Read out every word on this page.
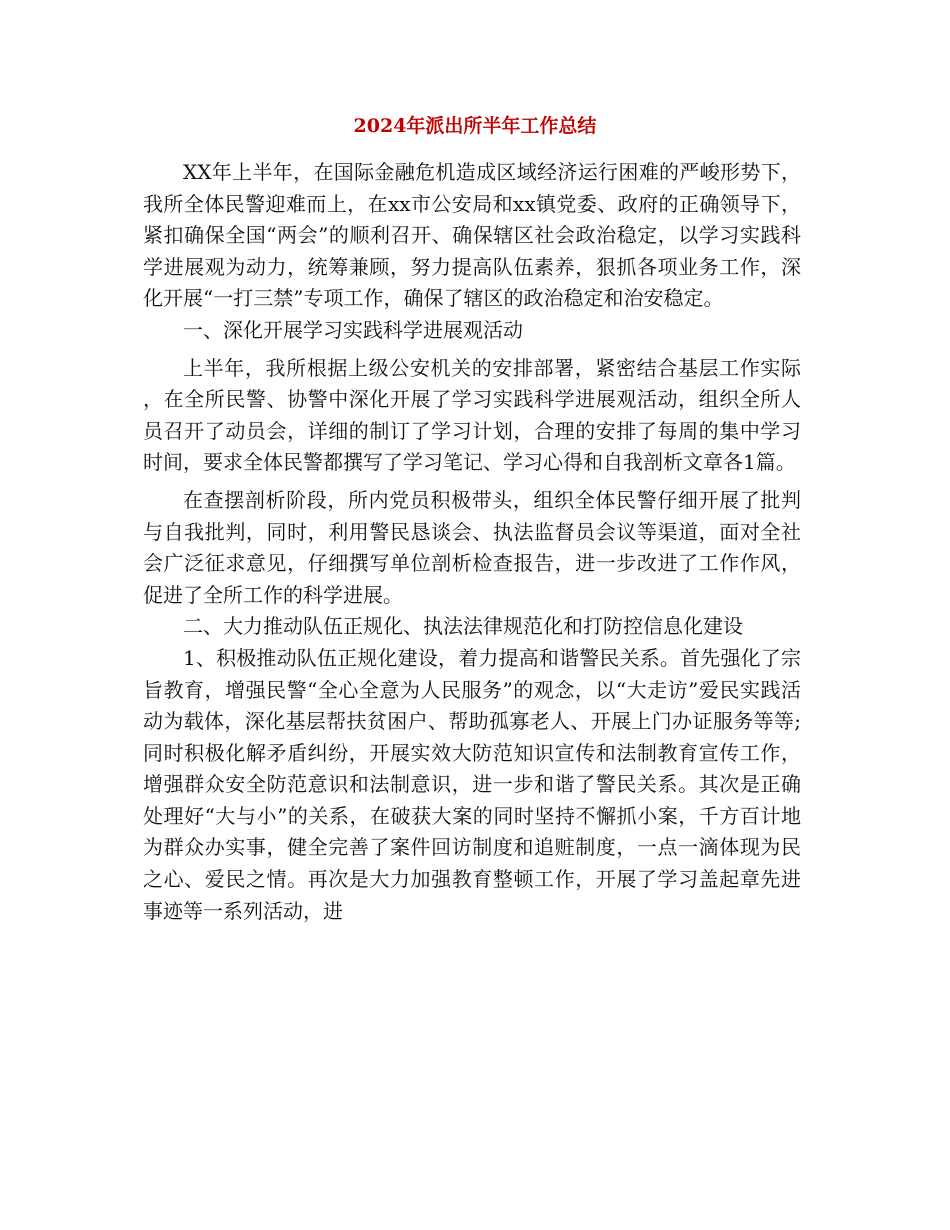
2024年派出所半年工作总结

XX年上半年，在国际金融危机造成区域经济运行困难的严峻形势下，我所全体民警迎难而上，在xx市公安局和xx镇党委、政府的正确领导下，紧扣确保全国“两会”的顺利召开、确保辖区社会政治稳定，以学习实践科学进展观为动力，统筹兼顾，努力提高队伍素养，狠抓各项业务工作，深化开展“一打三禁”专项工作，确保了辖区的政治稳定和治安稳定。

一、深化开展学习实践科学进展观活动

上半年，我所根据上级公安机关的安排部署，紧密结合基层工作实际，在全所民警、协警中深化开展了学习实践科学进展观活动，组织全所人员召开了动员会，详细的制订了学习计划，合理的安排了每周的集中学习时间，要求全体民警都撰写了学习笔记、学习心得和自我剖析文章各1篇。

在查摆剖析阶段，所内党员积极带头，组织全体民警仔细开展了批判与自我批判，同时，利用警民恳谈会、执法监督员会议等渠道，面对全社会广泛征求意见，仔细撰写单位剖析检查报告，进一步改进了工作作风，促进了全所工作的科学进展。

二、大力推动队伍正规化、执法法律规范化和打防控信息化建设

1、积极推动队伍正规化建设，着力提高和谐警民关系。首先强化了宗旨教育，增强民警“全心全意为人民服务”的观念，以“大走访”爱民实践活动为载体，深化基层帮扶贫困户、帮助孤寡老人、开展上门办证服务等等;同时积极化解矛盾纠纷，开展实效大防范知识宣传和法制教育宣传工作，增强群众安全防范意识和法制意识，进一步和谐了警民关系。其次是正确处理好“大与小”的关系，在破获大案的同时坚持不懈抓小案，千方百计地为群众办实事，健全完善了案件回访制度和追赃制度，一点一滴体现为民之心、爱民之情。再次是大力加强教育整顿工作，开展了学习盖起章先进事迹等一系列活动，进
